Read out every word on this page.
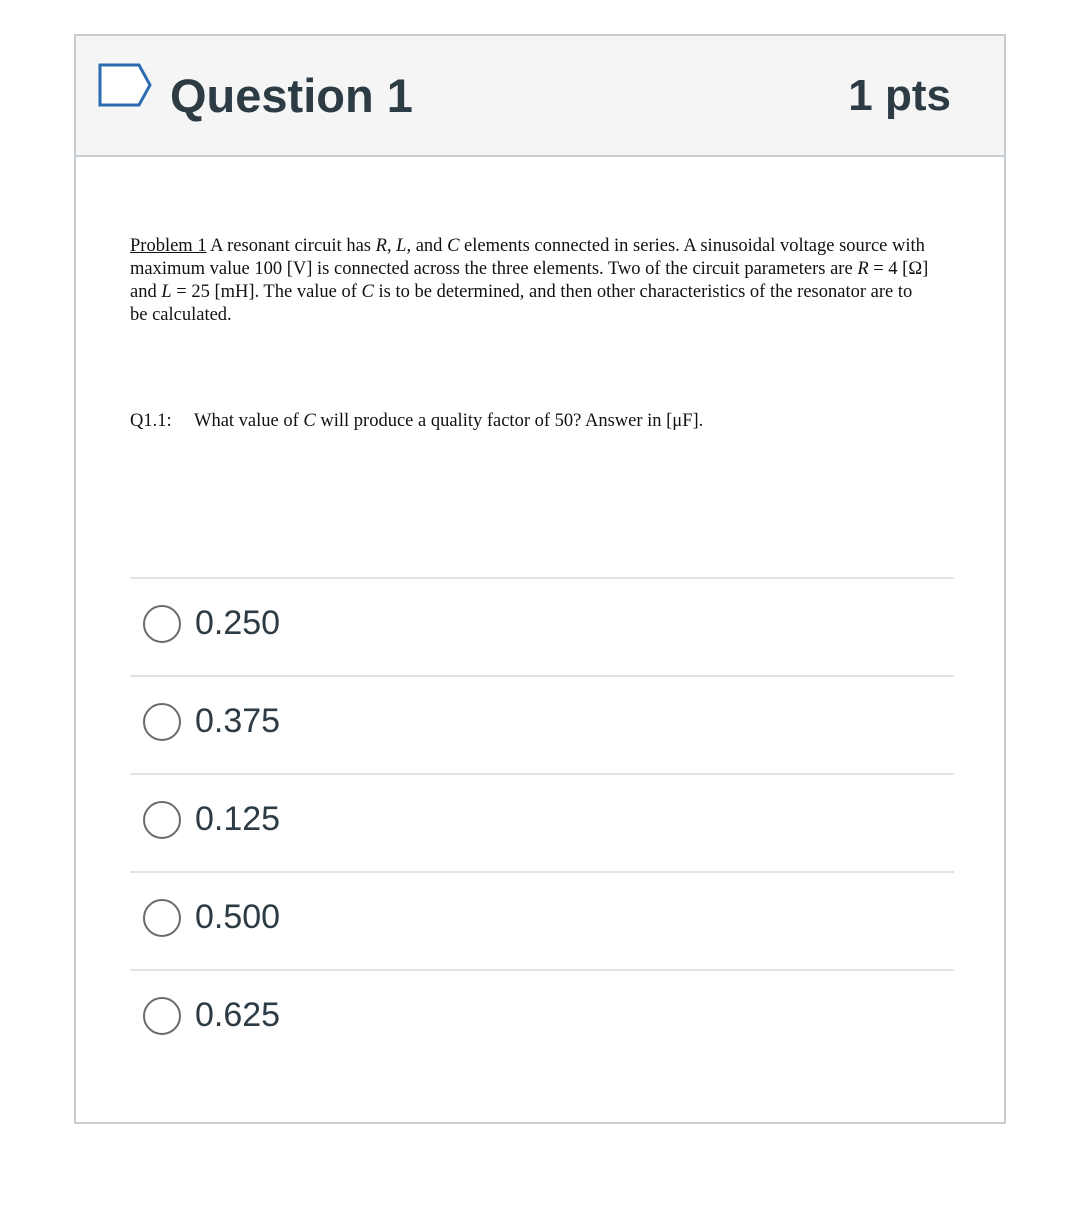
Question 1	1 pts
Problem 1 A resonant circuit has R, L, and C elements connected in series. A sinusoidal voltage source with maximum value 100 [V] is connected across the three elements. Two of the circuit parameters are R = 4 [Ω] and L = 25 [mH]. The value of C is to be determined, and then other characteristics of the resonator are to be calculated.
Q1.1: What value of C will produce a quality factor of 50? Answer in [μF].
0.250
0.375
0.125
0.500
0.625
